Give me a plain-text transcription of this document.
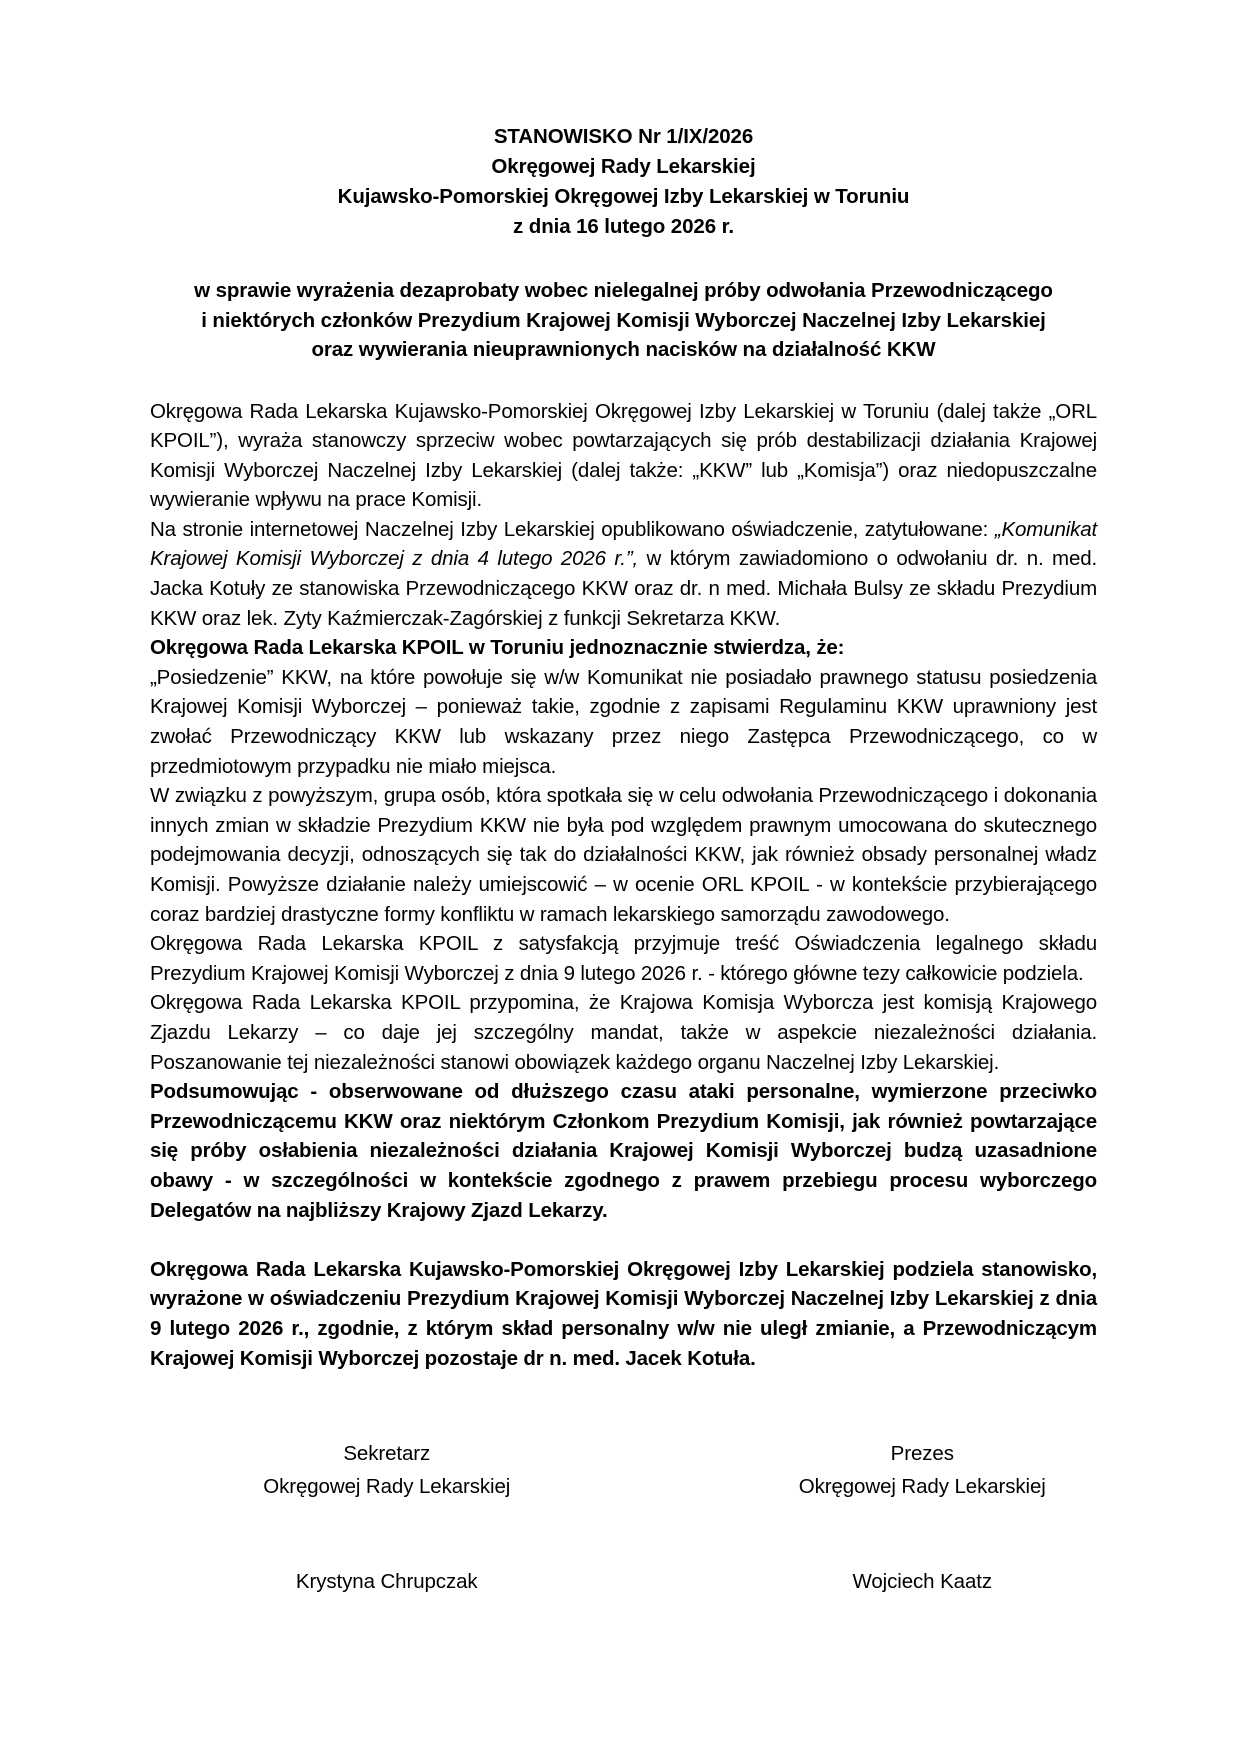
STANOWISKO Nr 1/IX/2026
Okręgowej Rady Lekarskiej
Kujawsko-Pomorskiej Okręgowej Izby Lekarskiej w Toruniu
z dnia 16 lutego 2026 r.
w sprawie wyrażenia dezaprobaty wobec nielegalnej próby odwołania Przewodniczącego
i niektórych członków Prezydium Krajowej Komisji Wyborczej Naczelnej Izby Lekarskiej
oraz wywierania nieuprawnionych nacisków na działalność KKW

Okręgowa Rada Lekarska Kujawsko-Pomorskiej Okręgowej Izby Lekarskiej w Toruniu (dalej także „ORL KPOIL”), wyraża stanowczy sprzeciw wobec powtarzających się prób destabilizacji działania Krajowej Komisji Wyborczej Naczelnej Izby Lekarskiej (dalej także: „KKW” lub „Komisja”) oraz niedopuszczalne wywieranie wpływu na prace Komisji.

Na stronie internetowej Naczelnej Izby Lekarskiej opublikowano oświadczenie, zatytułowane: „Komunikat Krajowej Komisji Wyborczej z dnia 4 lutego 2026 r.”, w którym zawiadomiono o odwołaniu dr. n. med. Jacka Kotuły ze stanowiska Przewodniczącego KKW oraz dr. n med. Michała Bulsy ze składu Prezydium KKW oraz lek. Zyty Kaźmierczak-Zagórskiej z funkcji Sekretarza KKW.

Okręgowa Rada Lekarska KPOIL w Toruniu jednoznacznie stwierdza, że:

„Posiedzenie” KKW, na które powołuje się w/w Komunikat nie posiadało prawnego statusu posiedzenia Krajowej Komisji Wyborczej – ponieważ takie, zgodnie z zapisami Regulaminu KKW uprawniony jest zwołać Przewodniczący KKW lub wskazany przez niego Zastępca Przewodniczącego, co w przedmiotowym przypadku nie miało miejsca.

W związku z powyższym, grupa osób, która spotkała się w celu odwołania Przewodniczącego i dokonania innych zmian w składzie Prezydium KKW nie była pod względem prawnym umocowana do skutecznego podejmowania decyzji, odnoszących się tak do działalności KKW, jak również obsady personalnej władz Komisji. Powyższe działanie należy umiejscowić – w ocenie ORL KPOIL - w kontekście przybierającego coraz bardziej drastyczne formy konfliktu w ramach lekarskiego samorządu zawodowego.

Okręgowa Rada Lekarska KPOIL z satysfakcją przyjmuje treść Oświadczenia legalnego składu Prezydium Krajowej Komisji Wyborczej z dnia 9 lutego 2026 r. - którego główne tezy całkowicie podziela.

Okręgowa Rada Lekarska KPOIL przypomina, że Krajowa Komisja Wyborcza jest komisją Krajowego Zjazdu Lekarzy – co daje jej szczególny mandat, także w aspekcie niezależności działania. Poszanowanie tej niezależności stanowi obowiązek każdego organu Naczelnej Izby Lekarskiej.

Podsumowując - obserwowane od dłuższego czasu ataki personalne, wymierzone przeciwko Przewodniczącemu KKW oraz niektórym Członkom Prezydium Komisji, jak również powtarzające się próby osłabienia niezależności działania Krajowej Komisji Wyborczej budzą uzasadnione obawy - w szczególności w kontekście zgodnego z prawem przebiegu procesu wyborczego Delegatów na najbliższy Krajowy Zjazd Lekarzy.

Okręgowa Rada Lekarska Kujawsko-Pomorskiej Okręgowej Izby Lekarskiej podziela stanowisko, wyrażone w oświadczeniu Prezydium Krajowej Komisji Wyborczej Naczelnej Izby Lekarskiej z dnia 9 lutego 2026 r., zgodnie, z którym skład personalny w/w nie uległ zmianie, a Przewodniczącym Krajowej Komisji Wyborczej pozostaje dr n. med. Jacek Kotuła.

Sekretarz
Okręgowej Rady Lekarskiej
Krystyna Chrupczak
Prezes
Okręgowej Rady Lekarskiej
Wojciech Kaatz
